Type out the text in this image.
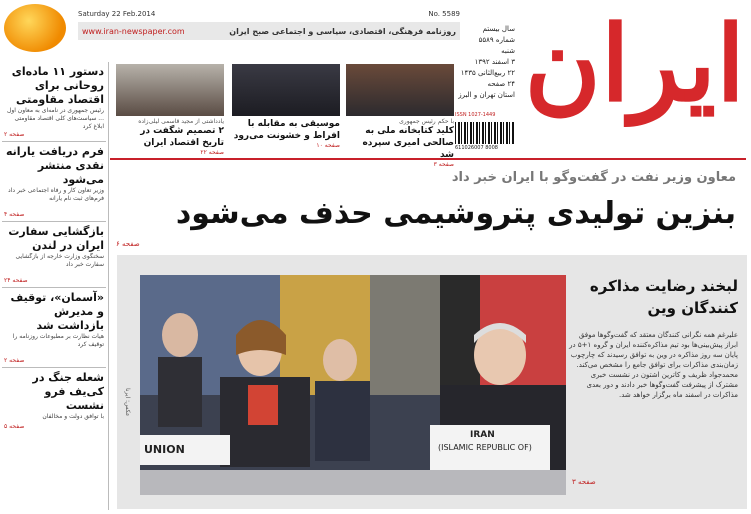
ایران
Saturday 22 Feb.2014	No. 5589
www.iran-newspaper.com	روزنامه فرهنگی، اقتصادی، سیاسی و اجتماعی صبح ایران	سال بیستم
شماره ۵۵۸۹
شنبه
۳ اسفند ۱۳۹۲
۲۲ ربیع‌الثانی ۱۴۳۵
۲۴ صفحه
استان تهران و البرز
ISSN 1027-1449
611026007 8008
با حکم رئیس جمهوری
کلید کتابخانه ملی به صالحی امیری سپرده شد
صفحه ۳
موسیقی به مقابله با افراط و خشونت می‌رود
صفحه ۱۰
یادداشتی از مجید قاسمی لیلی‌زاده
۲ تصمیم شگفت در تاریخ اقتصاد ایران
صفحه ۲۲
دستور ۱۱ ماده‌ای روحانی برای اقتصاد مقاومتی
رئیس جمهوری در نامه‌ای به معاون اول ... سیاست‌های کلی اقتصاد مقاومتی ابلاغ کرد
صفحه ۲
فرم دریافت یارانه نقدی منتشر می‌شود
وزیر تعاون کار و رفاه اجتماعی خبر داد فرم‌های ثبت نام یارانه
صفحه ۴
بازگشایی سفارت ایران در لندن
سخنگوی وزارت خارجه از بازگشایی سفارت خبر داد
صفحه ۲۴
«آسمان»، توقیف و مدیرش بازداشت شد
هیأت نظارت بر مطبوعات روزنامه را توقیف کرد
صفحه ۲
شعله جنگ در کی‌یف فرو نشست
با توافق دولت و مخالفان
صفحه ۵
معاون وزیر نفت در گفت‌وگو با ایران خبر داد
بنزین تولیدی پتروشیمی حذف می‌شود
صفحه ۶
UNION
IRAN
(ISLAMIC REPUBLIC OF)
عکس: ایرنا
لبخند رضایت مذاکره کنندگان وین
علیرغم همه نگرانی کنندگان معتقد که گفت‌وگوها موفق ابراز پیش‌بینی‌ها بود تیم مذاکره‌کننده ایران و گروه ۱+۵ در پایان سه روز مذاکره در وین به توافق رسیدند که چارچوب زمان‌بندی مذاکرات برای توافق جامع را مشخص می‌کند. محمدجواد ظریف و کاترین اشتون در نشست خبری مشترک از پیشرفت گفت‌وگوها خبر دادند و دور بعدی مذاکرات در اسفند ماه برگزار خواهد شد.
صفحه ۳
